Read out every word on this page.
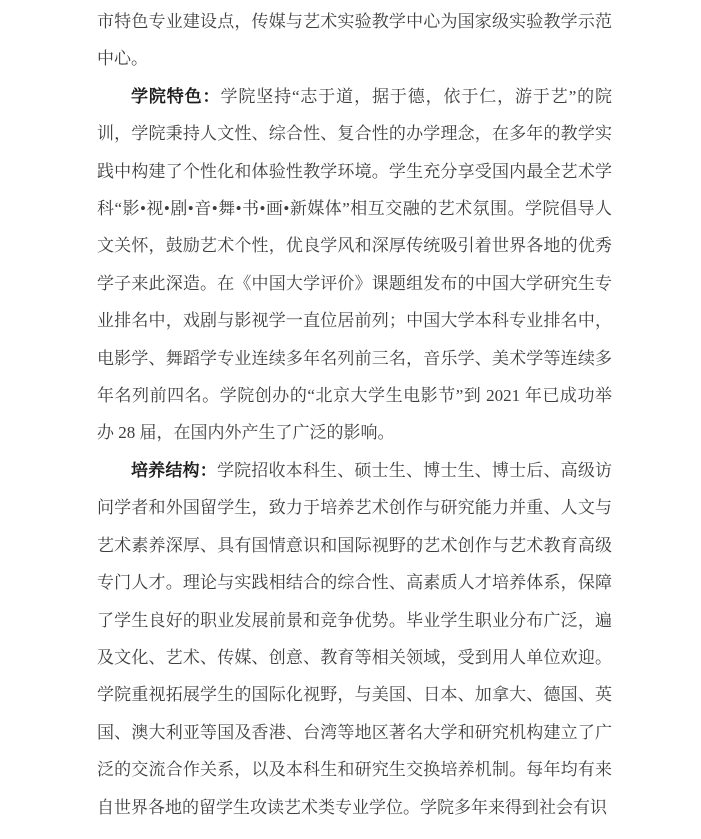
市特色专业建设点，传媒与艺术实验教学中心为国家级实验教学示范中心。

学院特色：学院坚持“志于道，据于德，依于仁，游于艺”的院训，学院秉持人文性、综合性、复合性的办学理念，在多年的教学实践中构建了个性化和体验性教学环境。学生充分享受国内最全艺术学科“影•视•剧•音•舞•书•画•新媒体”相互交融的艺术氛围。学院倡导人文关怀，鼓励艺术个性，优良学风和深厚传统吸引着世界各地的优秀学子来此深造。在《中国大学评价》课题组发布的中国大学研究生专业排名中，戏剧与影视学一直位居前列；中国大学本科专业排名中，电影学、舞蹈学专业连续多年名列前三名，音乐学、美术学等连续多年名列前四名。学院创办的“北京大学生电影节”到 2021 年已成功举办 28 届，在国内外产生了广泛的影响。

培养结构：学院招收本科生、硕士生、博士生、博士后、高级访问学者和外国留学生，致力于培养艺术创作与研究能力并重、人文与艺术素养深厚、具有国情意识和国际视野的艺术创作与艺术教育高级专门人才。理论与实践相结合的综合性、高素质人才培养体系，保障了学生良好的职业发展前景和竞争优势。毕业学生职业分布广泛，遍及文化、艺术、传媒、创意、教育等相关领域，受到用人单位欢迎。学院重视拓展学生的国际化视野，与美国、日本、加拿大、德国、英国、澳大利亚等国及香港、台湾等地区著名大学和研究机构建立了广泛的交流合作关系，以及本科生和研究生交换培养机制。每年均有来自世界各地的留学生攻读艺术类专业学位。学院多年来得到社会有识
